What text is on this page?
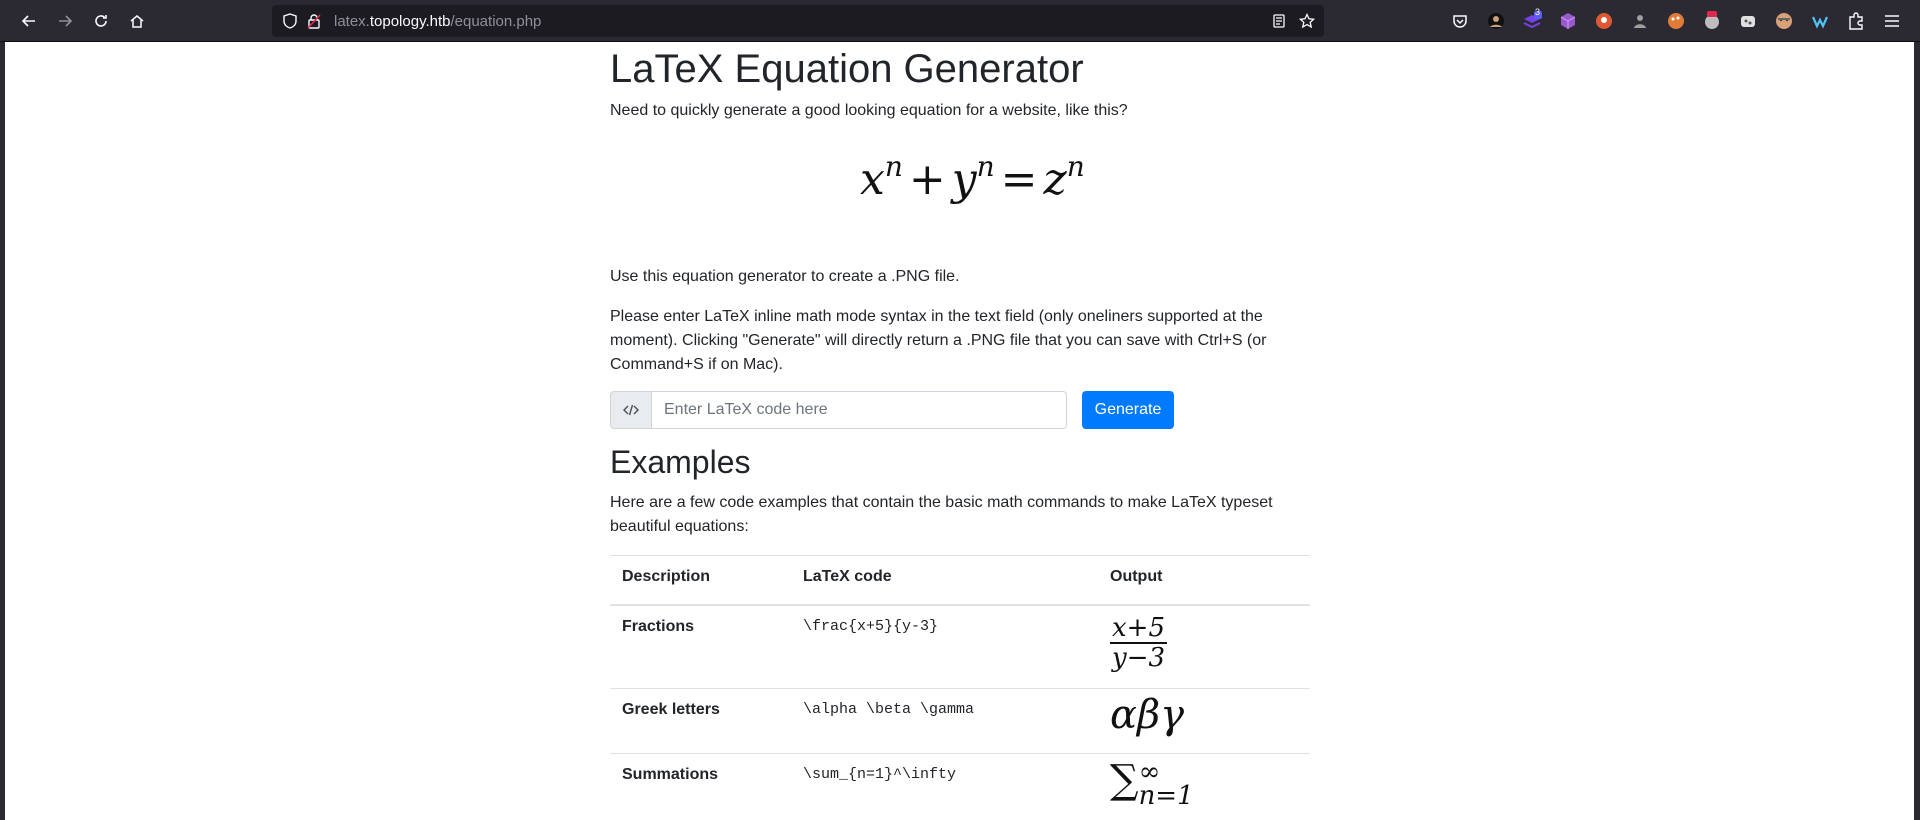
latex.topology.htb/equation.php
3
LaTeX Equation Generator

Need to quickly generate a good looking equation for a website, like this?

$x^n + y^n = z^n$

Use this equation generator to create a .PNG file.

Please enter LaTeX inline math mode syntax in the text field (only oneliners supported at the moment). Clicking "Generate" will directly return a .PNG file that you can save with Ctrl+S (or Command+S if on Mac).

Enter LaTeX code here
Generate
Examples

Here are a few code examples that contain the basic math commands to make LaTeX typeset beautiful equations:

Description	LaTeX code	Output
Fractions	\frac{x+5}{y-3}	$\frac{x+5}{y-3}$

Greek letters	\alpha \beta \gamma	αβγ
Summations	\sum_{n=1}^\infty	∑ ∞
n=1
